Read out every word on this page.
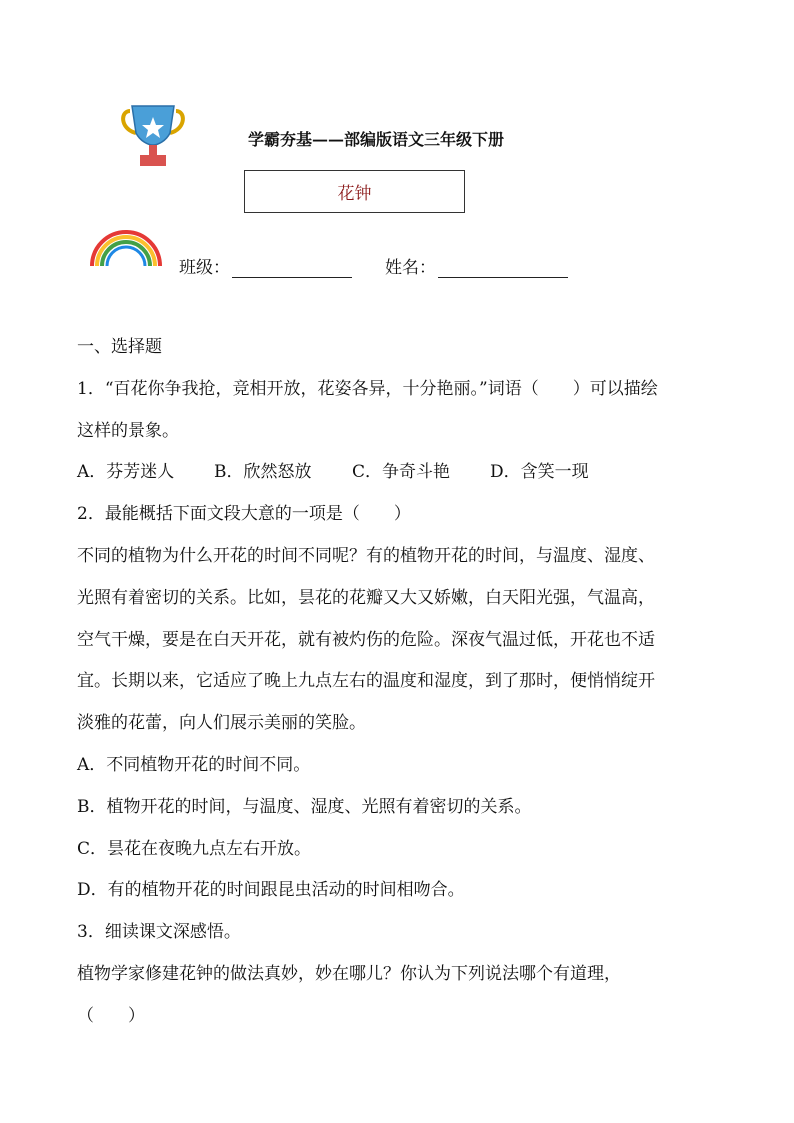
学霸夯基——部编版语文三年级下册
花钟
班级：	姓名：
一、选择题
1．“百花你争我抢，竞相开放，花姿各异，十分艳丽。”词语（　　）可以描绘
这样的景象。
A．芬芳迷人 B．欣然怒放 C．争奇斗艳 D．含笑一现
2．最能概括下面文段大意的一项是（　　）
不同的植物为什么开花的时间不同呢？有的植物开花的时间，与温度、湿度、
光照有着密切的关系。比如，昙花的花瓣又大又娇嫩，白天阳光强，气温高，
空气干燥，要是在白天开花，就有被灼伤的危险。深夜气温过低，开花也不适
宜。长期以来，它适应了晚上九点左右的温度和湿度，到了那时，便悄悄绽开
淡雅的花蕾，向人们展示美丽的笑脸。
A．不同植物开花的时间不同。
B．植物开花的时间，与温度、湿度、光照有着密切的关系。
C．昙花在夜晚九点左右开放。
D．有的植物开花的时间跟昆虫活动的时间相吻合。
3．细读课文深感悟。
植物学家修建花钟的做法真妙，妙在哪儿？你认为下列说法哪个有道理，
（　　）
